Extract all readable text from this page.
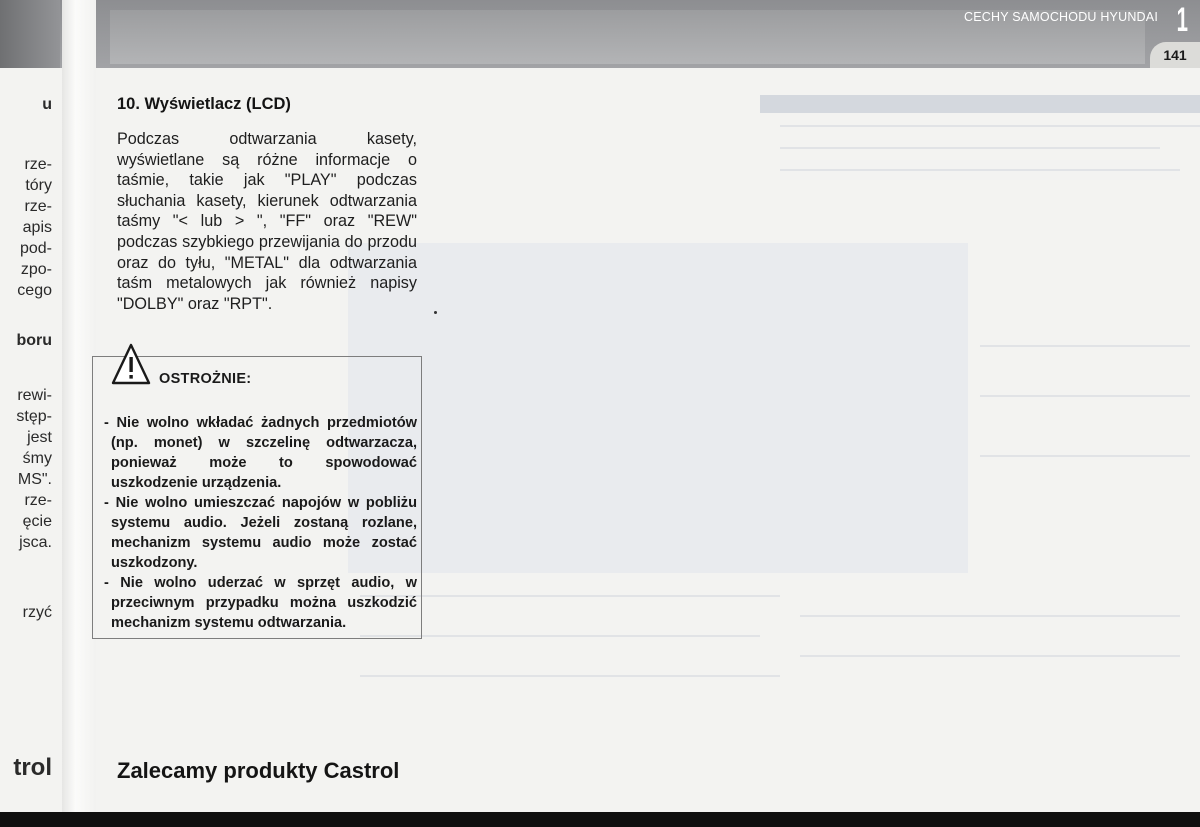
CECHY SAMOCHODU HYUNDAI 1
141
u
rze-
tóry
rze-
apis
pod-
zpo-
cego
boru
rewi-
stęp-
jest
śmy
MS".
rze-
ęcie
jsca.
rzyć
trol
10. Wyświetlacz (LCD)

Podczas odtwarzania kasety, wyświetlane są różne informacje o taśmie, takie jak "PLAY" podczas słuchania kasety, kierunek odtwarzania taśmy "< lub > ", "FF" oraz "REW" podczas szybkiego przewijania do przodu oraz do tyłu, "METAL" dla odtwarzania taśm metalowych jak również napisy "DOLBY" oraz "RPT".

OSTROŻNIE:
- Nie wolno wkładać żadnych przedmiotów (np. monet) w szczelinę odtwarzacza, ponieważ może to spowodować uszkodzenie urządzenia.
- Nie wolno umieszczać napojów w pobliżu systemu audio. Jeżeli zostaną rozlane, mechanizm systemu audio może zostać uszkodzony.
- Nie wolno uderzać w sprzęt audio, w przeciwnym przypadku można uszkodzić mechanizm systemu odtwarzania.
Zalecamy produkty Castrol
